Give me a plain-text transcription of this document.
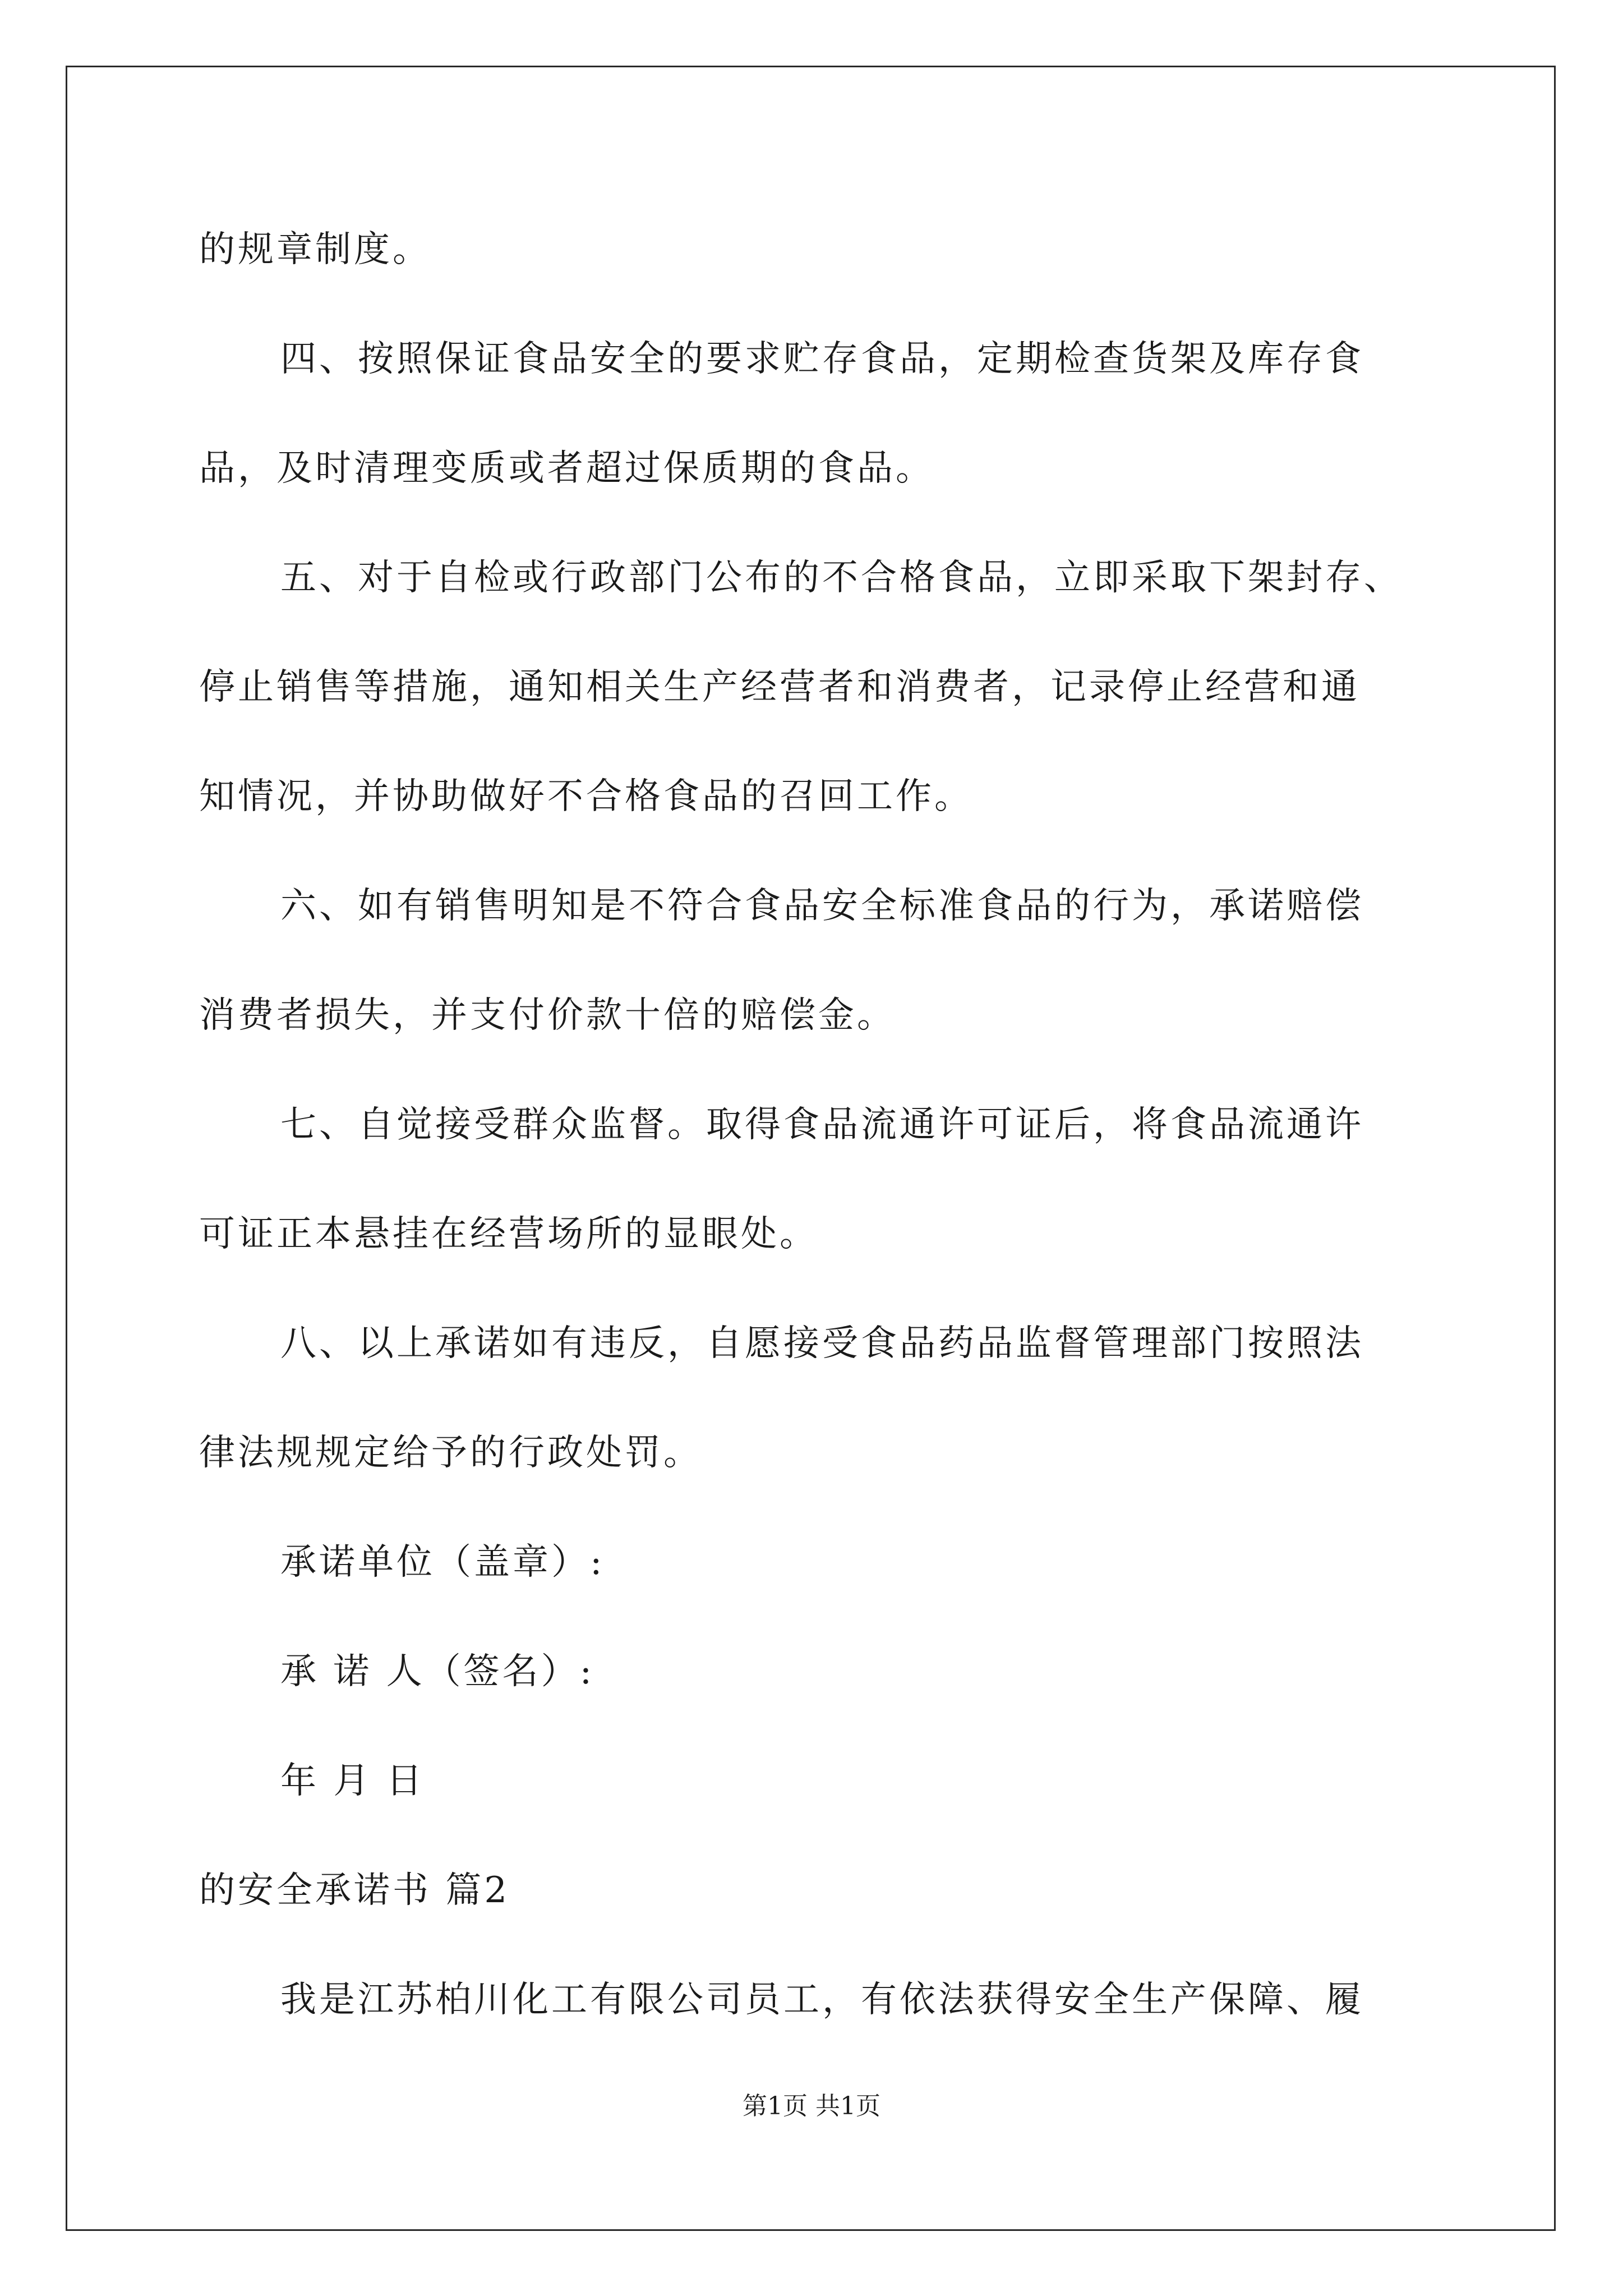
的规章制度。
四、按照保证食品安全的要求贮存食品，定期检查货架及库存食
品，及时清理变质或者超过保质期的食品。
五、对于自检或行政部门公布的不合格食品，立即采取下架封存、
停止销售等措施，通知相关生产经营者和消费者，记录停止经营和通
知情况，并协助做好不合格食品的召回工作。
六、如有销售明知是不符合食品安全标准食品的行为，承诺赔偿
消费者损失，并支付价款十倍的赔偿金。
七、自觉接受群众监督。取得食品流通许可证后，将食品流通许
可证正本悬挂在经营场所的显眼处。
八、以上承诺如有违反，自愿接受食品药品监督管理部门按照法
律法规规定给予的行政处罚。
承诺单位（盖章）:
承 诺 人（签名）:
年 月 日
的安全承诺书 篇2
我是江苏柏川化工有限公司员工，有依法获得安全生产保障、履
第1页 共1页
